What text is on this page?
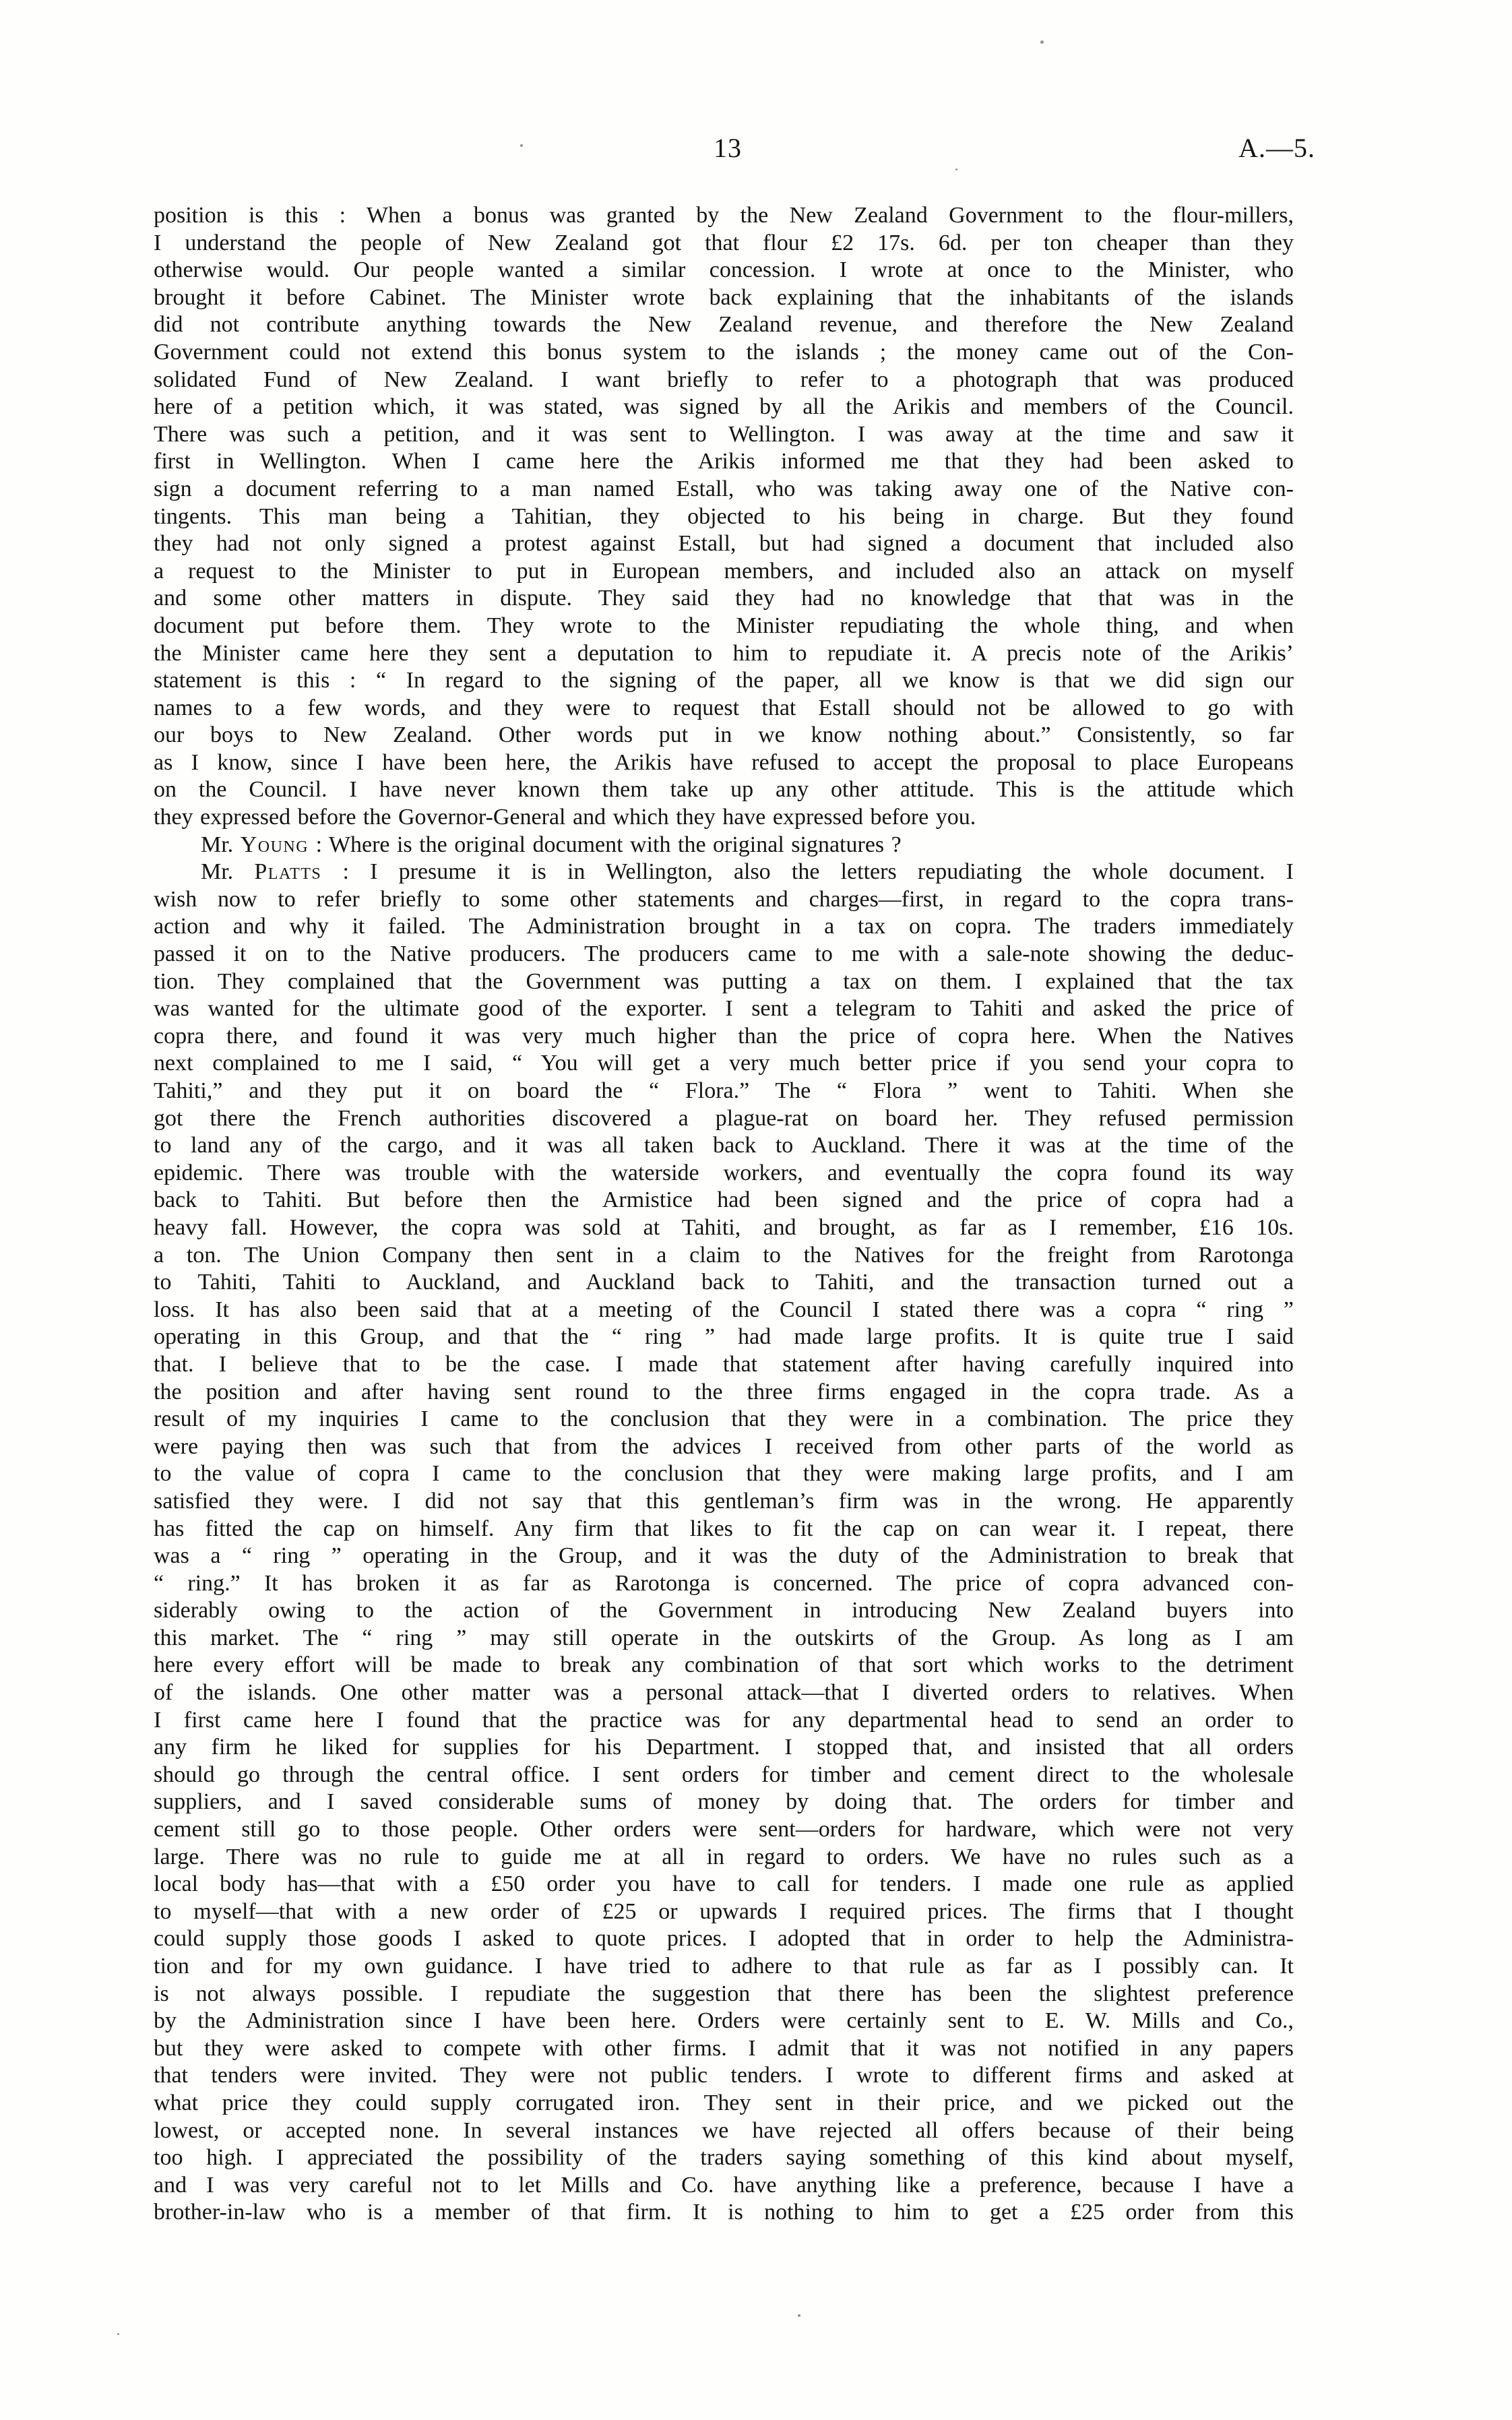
13	A.—5.
position is this : When a bonus was granted by the New Zealand Government to the flour-millers,
I understand the people of New Zealand got that flour £2 17s. 6d. per ton cheaper than they
otherwise would. Our people wanted a similar concession. I wrote at once to the Minister, who
brought it before Cabinet. The Minister wrote back explaining that the inhabitants of the islands
did not contribute anything towards the New Zealand revenue, and therefore the New Zealand
Government could not extend this bonus system to the islands ; the money came out of the Con-
solidated Fund of New Zealand. I want briefly to refer to a photograph that was produced
here of a petition which, it was stated, was signed by all the Arikis and members of the Council.
There was such a petition, and it was sent to Wellington. I was away at the time and saw it
first in Wellington. When I came here the Arikis informed me that they had been asked to
sign a document referring to a man named Estall, who was taking away one of the Native con-
tingents. This man being a Tahitian, they objected to his being in charge. But they found
they had not only signed a protest against Estall, but had signed a document that included also
a request to the Minister to put in European members, and included also an attack on myself
and some other matters in dispute. They said they had no knowledge that that was in the
document put before them. They wrote to the Minister repudiating the whole thing, and when
the Minister came here they sent a deputation to him to repudiate it. A precis note of the Arikis’
statement is this : “ In regard to the signing of the paper, all we know is that we did sign our
names to a few words, and they were to request that Estall should not be allowed to go with
our boys to New Zealand. Other words put in we know nothing about.” Consistently, so far
as I know, since I have been here, the Arikis have refused to accept the proposal to place Europeans
on the Council. I have never known them take up any other attitude. This is the attitude which
they expressed before the Governor-General and which they have expressed before you.
Mr. Young : Where is the original document with the original signatures ?
Mr. Platts : I presume it is in Wellington, also the letters repudiating the whole document. I
wish now to refer briefly to some other statements and charges—first, in regard to the copra trans-
action and why it failed. The Administration brought in a tax on copra. The traders immediately
passed it on to the Native producers. The producers came to me with a sale-note showing the deduc-
tion. They complained that the Government was putting a tax on them. I explained that the tax
was wanted for the ultimate good of the exporter. I sent a telegram to Tahiti and asked the price of
copra there, and found it was very much higher than the price of copra here. When the Natives
next complained to me I said, “ You will get a very much better price if you send your copra to
Tahiti,” and they put it on board the “ Flora.” The “ Flora ” went to Tahiti. When she
got there the French authorities discovered a plague-rat on board her. They refused permission
to land any of the cargo, and it was all taken back to Auckland. There it was at the time of the
epidemic. There was trouble with the waterside workers, and eventually the copra found its way
back to Tahiti. But before then the Armistice had been signed and the price of copra had a
heavy fall. However, the copra was sold at Tahiti, and brought, as far as I remember, £16 10s.
a ton. The Union Company then sent in a claim to the Natives for the freight from Rarotonga
to Tahiti, Tahiti to Auckland, and Auckland back to Tahiti, and the transaction turned out a
loss. It has also been said that at a meeting of the Council I stated there was a copra “ ring ”
operating in this Group, and that the “ ring ” had made large profits. It is quite true I said
that. I believe that to be the case. I made that statement after having carefully inquired into
the position and after having sent round to the three firms engaged in the copra trade. As a
result of my inquiries I came to the conclusion that they were in a combination. The price they
were paying then was such that from the advices I received from other parts of the world as
to the value of copra I came to the conclusion that they were making large profits, and I am
satisfied they were. I did not say that this gentleman’s firm was in the wrong. He apparently
has fitted the cap on himself. Any firm that likes to fit the cap on can wear it. I repeat, there
was a “ ring ” operating in the Group, and it was the duty of the Administration to break that
“ ring.” It has broken it as far as Rarotonga is concerned. The price of copra advanced con-
siderably owing to the action of the Government in introducing New Zealand buyers into
this market. The “ ring ” may still operate in the outskirts of the Group. As long as I am
here every effort will be made to break any combination of that sort which works to the detriment
of the islands. One other matter was a personal attack—that I diverted orders to relatives. When
I first came here I found that the practice was for any departmental head to send an order to
any firm he liked for supplies for his Department. I stopped that, and insisted that all orders
should go through the central office. I sent orders for timber and cement direct to the wholesale
suppliers, and I saved considerable sums of money by doing that. The orders for timber and
cement still go to those people. Other orders were sent—orders for hardware, which were not very
large. There was no rule to guide me at all in regard to orders. We have no rules such as a
local body has—that with a £50 order you have to call for tenders. I made one rule as applied
to myself—that with a new order of £25 or upwards I required prices. The firms that I thought
could supply those goods I asked to quote prices. I adopted that in order to help the Administra-
tion and for my own guidance. I have tried to adhere to that rule as far as I possibly can. It
is not always possible. I repudiate the suggestion that there has been the slightest preference
by the Administration since I have been here. Orders were certainly sent to E. W. Mills and Co.,
but they were asked to compete with other firms. I admit that it was not notified in any papers
that tenders were invited. They were not public tenders. I wrote to different firms and asked at
what price they could supply corrugated iron. They sent in their price, and we picked out the
lowest, or accepted none. In several instances we have rejected all offers because of their being
too high. I appreciated the possibility of the traders saying something of this kind about myself,
and I was very careful not to let Mills and Co. have anything like a preference, because I have a
brother-in-law who is a member of that firm. It is nothing to him to get a £25 order from this
